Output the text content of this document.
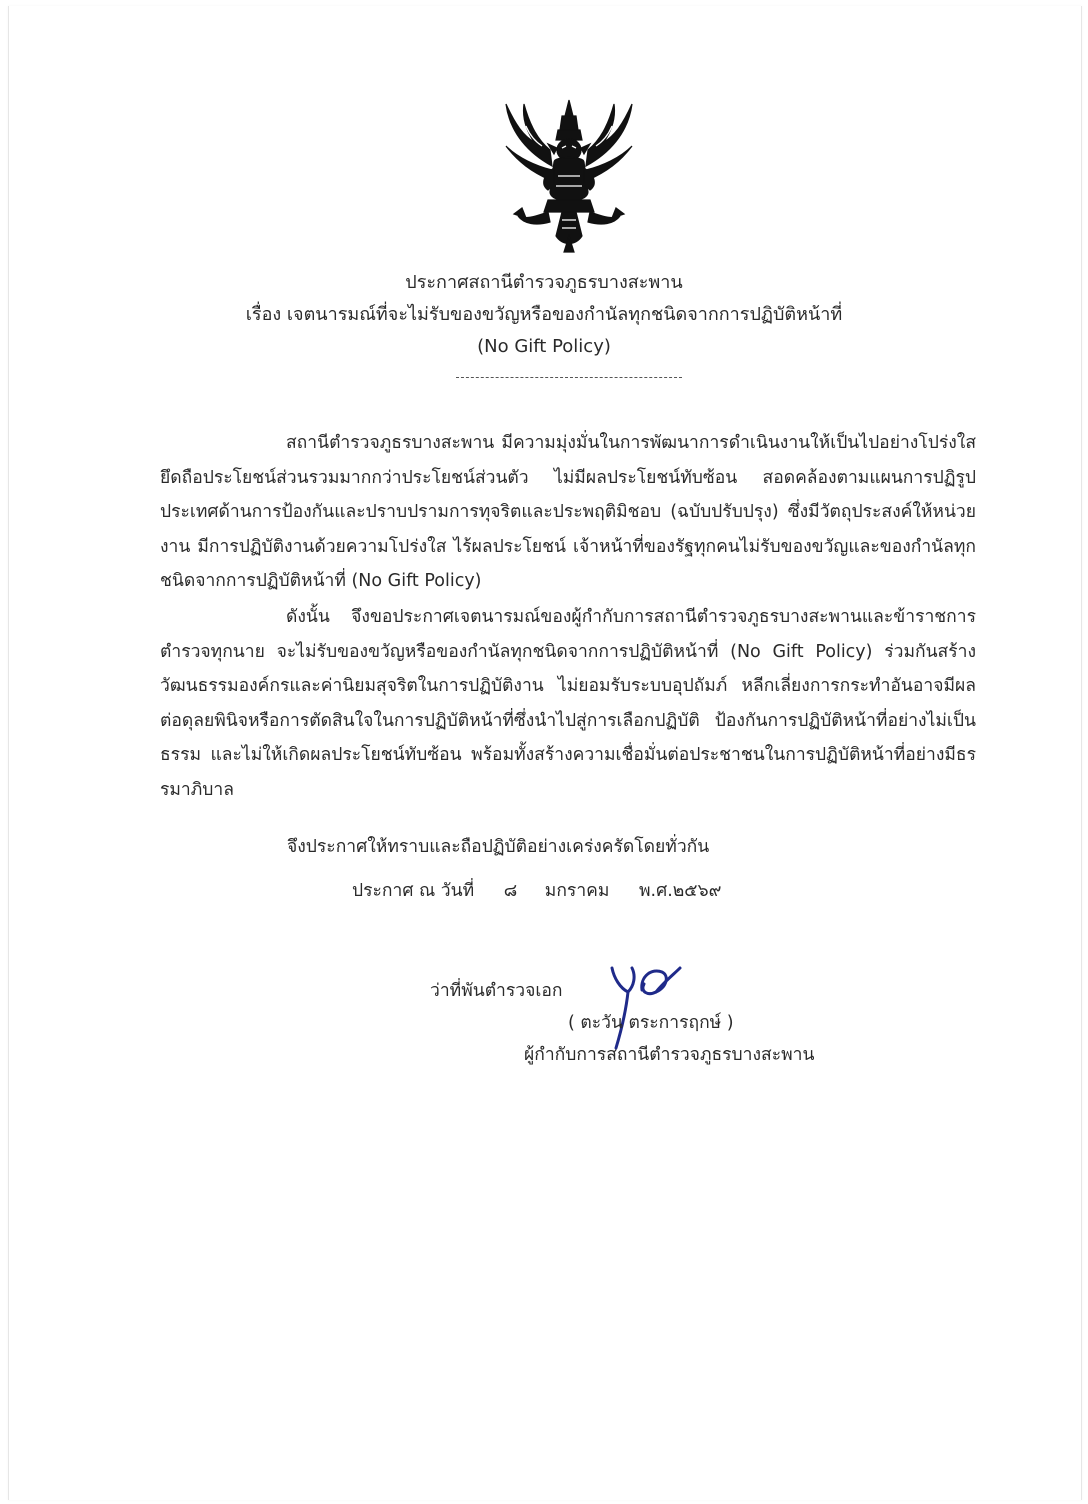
ประกาศสถานีตำรวจภูธรบางสะพาน
เรื่อง เจตนารมณ์ที่จะไม่รับของขวัญหรือของกำนัลทุกชนิดจากการปฏิบัติหน้าที่
(No Gift Policy)
สถานีตำรวจภูธรบางสะพาน มีความมุ่งมั่นในการพัฒนาการดำเนินงานให้เป็นไปอย่างโปร่งใส ยึดถือประโยชน์ส่วนรวมมากกว่าประโยชน์ส่วนตัว ไม่มีผลประโยชน์ทับซ้อน สอดคล้องตามแผนการปฏิรูปประเทศด้านการป้องกันและปราบปรามการทุจริตและประพฤติมิชอบ (ฉบับปรับปรุง) ซึ่งมีวัตถุประสงค์ให้หน่วยงาน มีการปฏิบัติงานด้วยความโปร่งใส ไร้ผลประโยชน์ เจ้าหน้าที่ของรัฐทุกคนไม่รับของขวัญและของกำนัลทุกชนิดจากการปฏิบัติหน้าที่ (No Gift Policy)
ดังนั้น จึงขอประกาศเจตนารมณ์ของผู้กำกับการสถานีตำรวจภูธรบางสะพานและข้าราชการตำรวจทุกนาย จะไม่รับของขวัญหรือของกำนัลทุกชนิดจากการปฏิบัติหน้าที่ (No Gift Policy) ร่วมกันสร้างวัฒนธรรมองค์กรและค่านิยมสุจริตในการปฏิบัติงาน ไม่ยอมรับระบบอุปถัมภ์ หลีกเลี่ยงการกระทำอันอาจมีผลต่อดุลยพินิจหรือการตัดสินใจในการปฏิบัติหน้าที่ซึ่งนำไปสู่การเลือกปฏิบัติ ป้องกันการปฏิบัติหน้าที่อย่างไม่เป็นธรรม และไม่ให้เกิดผลประโยชน์ทับซ้อน พร้อมทั้งสร้างความเชื่อมั่นต่อประชาชนในการปฏิบัติหน้าที่อย่างมีธรรมาภิบาล
จึงประกาศให้ทราบและถือปฏิบัติอย่างเคร่งครัดโดยทั่วกัน
ประกาศ ณ วันที่ ๘ มกราคม พ.ศ.๒๕๖๙
ว่าที่พันตำรวจเอก
( ตะวัน ตระการฤกษ์ )
ผู้กำกับการสถานีตำรวจภูธรบางสะพาน
